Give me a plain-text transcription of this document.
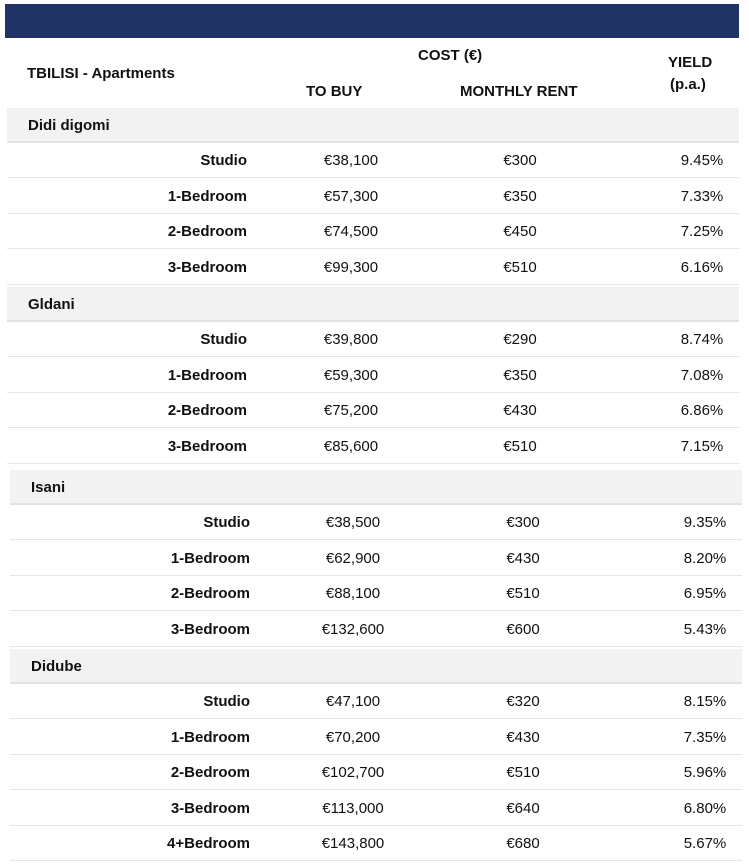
TBILISI - Apartments
COST (€)
TO BUY	MONTHLY RENT
YIELD
(p.a.)
Didi digomi
Studio	€38,100	€300	9.45%
1-Bedroom	€57,300	€350	7.33%
2-Bedroom	€74,500	€450	7.25%
3-Bedroom	€99,300	€510	6.16%
Gldani
Studio	€39,800	€290	8.74%
1-Bedroom	€59,300	€350	7.08%
2-Bedroom	€75,200	€430	6.86%
3-Bedroom	€85,600	€510	7.15%
Isani
Studio	€38,500	€300	9.35%
1-Bedroom	€62,900	€430	8.20%
2-Bedroom	€88,100	€510	6.95%
3-Bedroom	€132,600	€600	5.43%
Didube
Studio	€47,100	€320	8.15%
1-Bedroom	€70,200	€430	7.35%
2-Bedroom	€102,700	€510	5.96%
3-Bedroom	€113,000	€640	6.80%
4+Bedroom	€143,800	€680	5.67%
